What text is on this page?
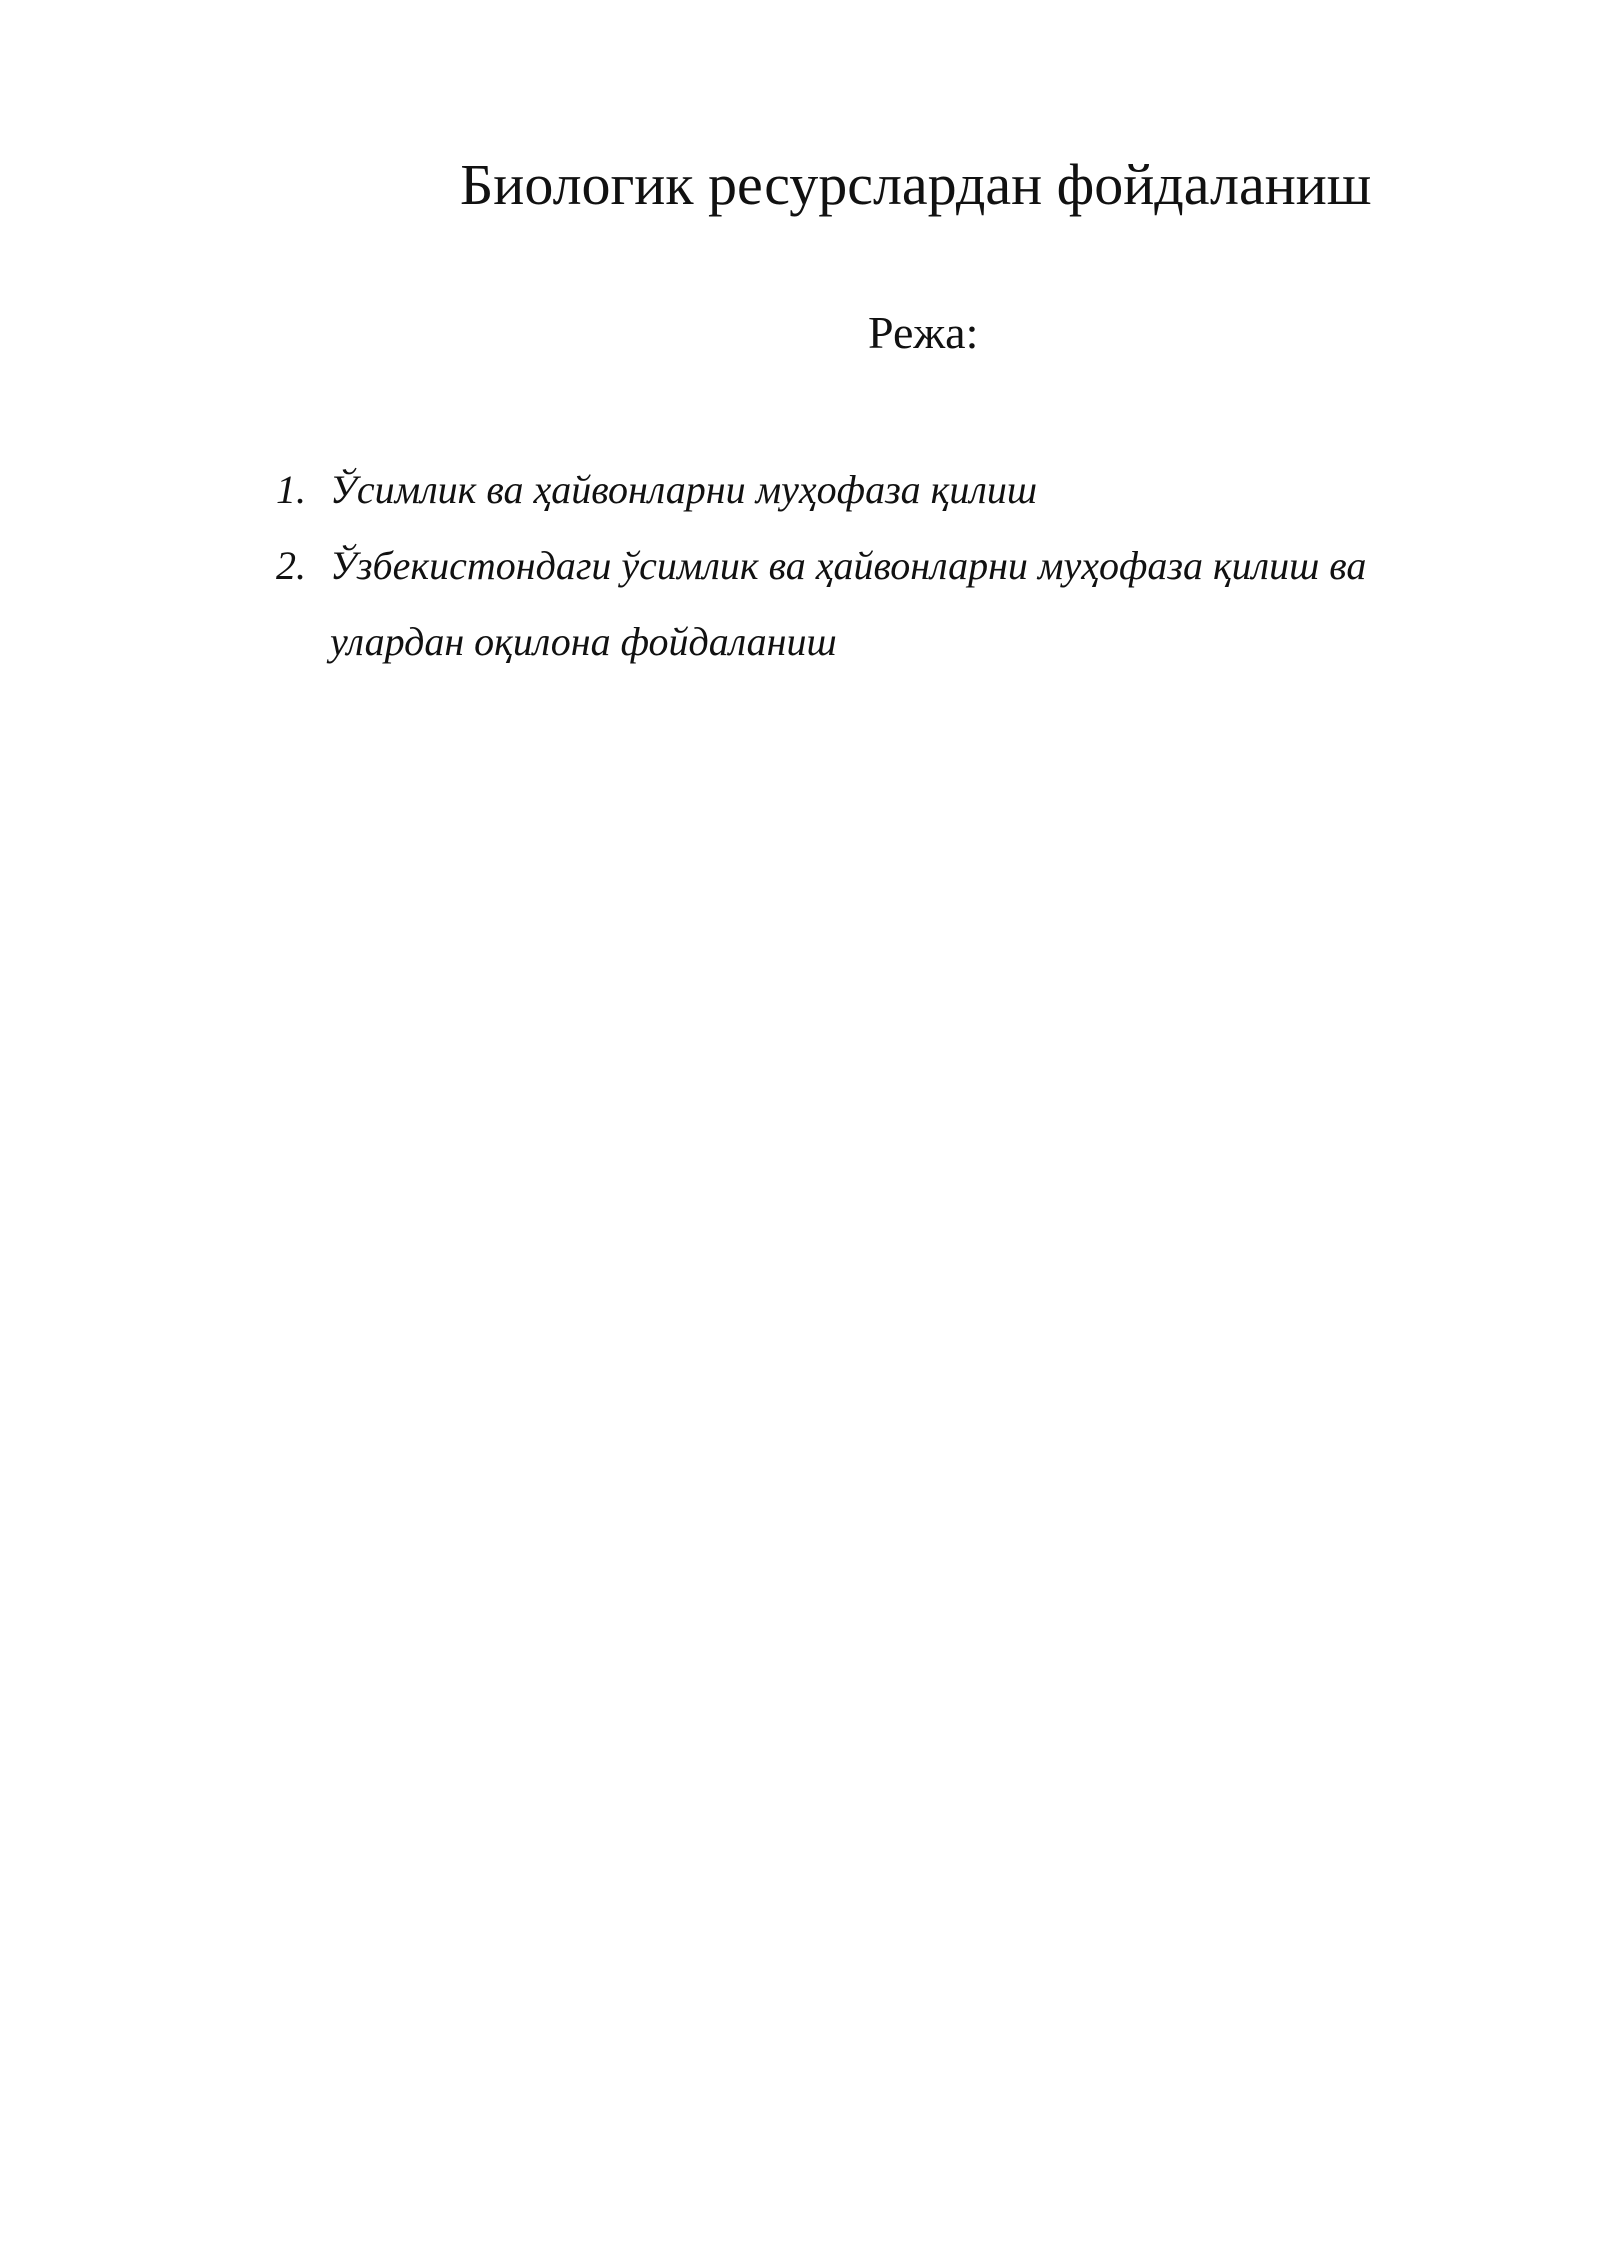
Биологик ресурслардан фойдаланиш
Режа:
1. Ўсимлик ва ҳайвонларни муҳофаза қилиш
2. Ўзбекистондаги ўсимлик ва ҳайвонларни муҳофаза қилиш ва улардан оқилона фойдаланиш
